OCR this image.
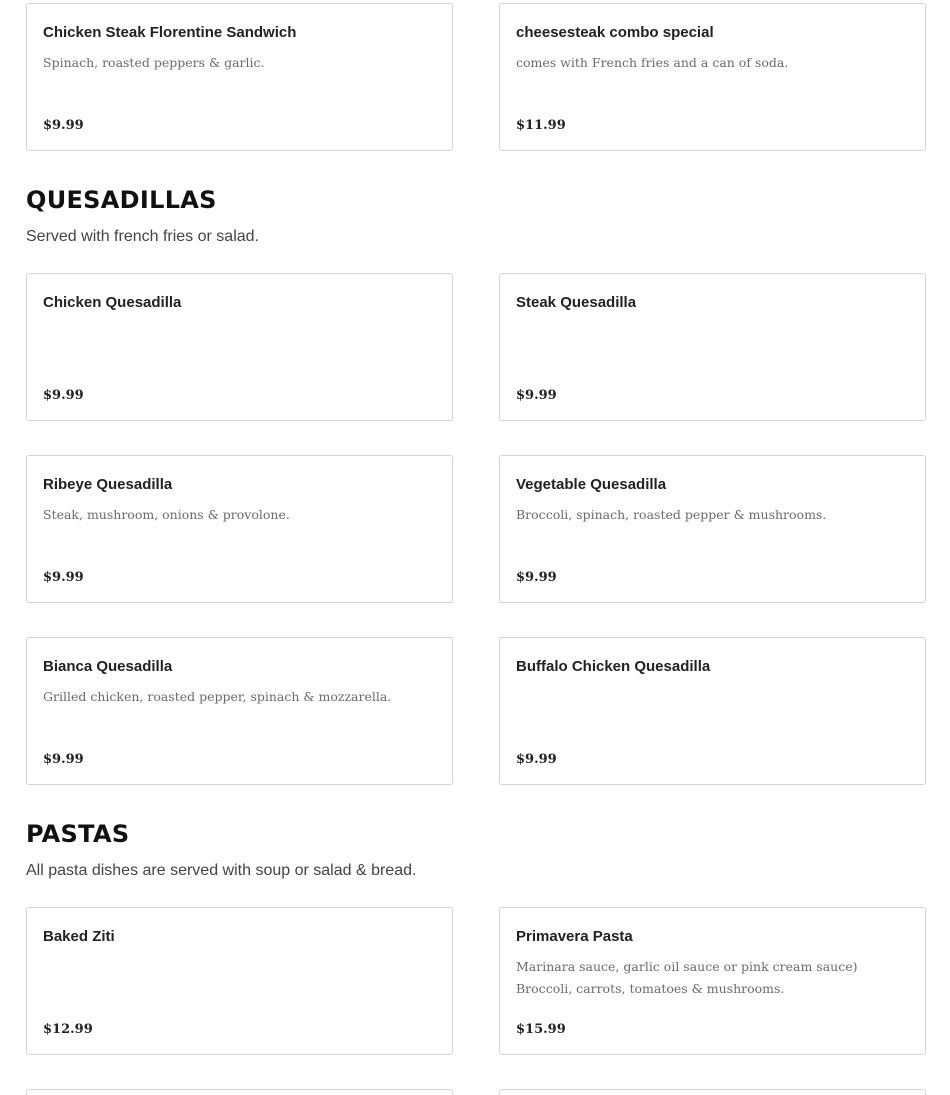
Chicken Steak Florentine Sandwich
Spinach, roasted peppers & garlic.
$9.99
cheesesteak combo special
comes with French fries and a can of soda.
$11.99
QUESADILLAS
Served with french fries or salad.
Chicken Quesadilla
$9.99
Steak Quesadilla
$9.99
Ribeye Quesadilla
Steak, mushroom, onions & provolone.
$9.99
Vegetable Quesadilla
Broccoli, spinach, roasted pepper & mushrooms.
$9.99
Bianca Quesadilla
Grilled chicken, roasted pepper, spinach & mozzarella.
$9.99
Buffalo Chicken Quesadilla
$9.99
PASTAS
All pasta dishes are served with soup or salad & bread.
Baked Ziti
$12.99
Primavera Pasta
Marinara sauce, garlic oil sauce or pink cream sauce) Broccoli, carrots, tomatoes & mushrooms.
$15.99
